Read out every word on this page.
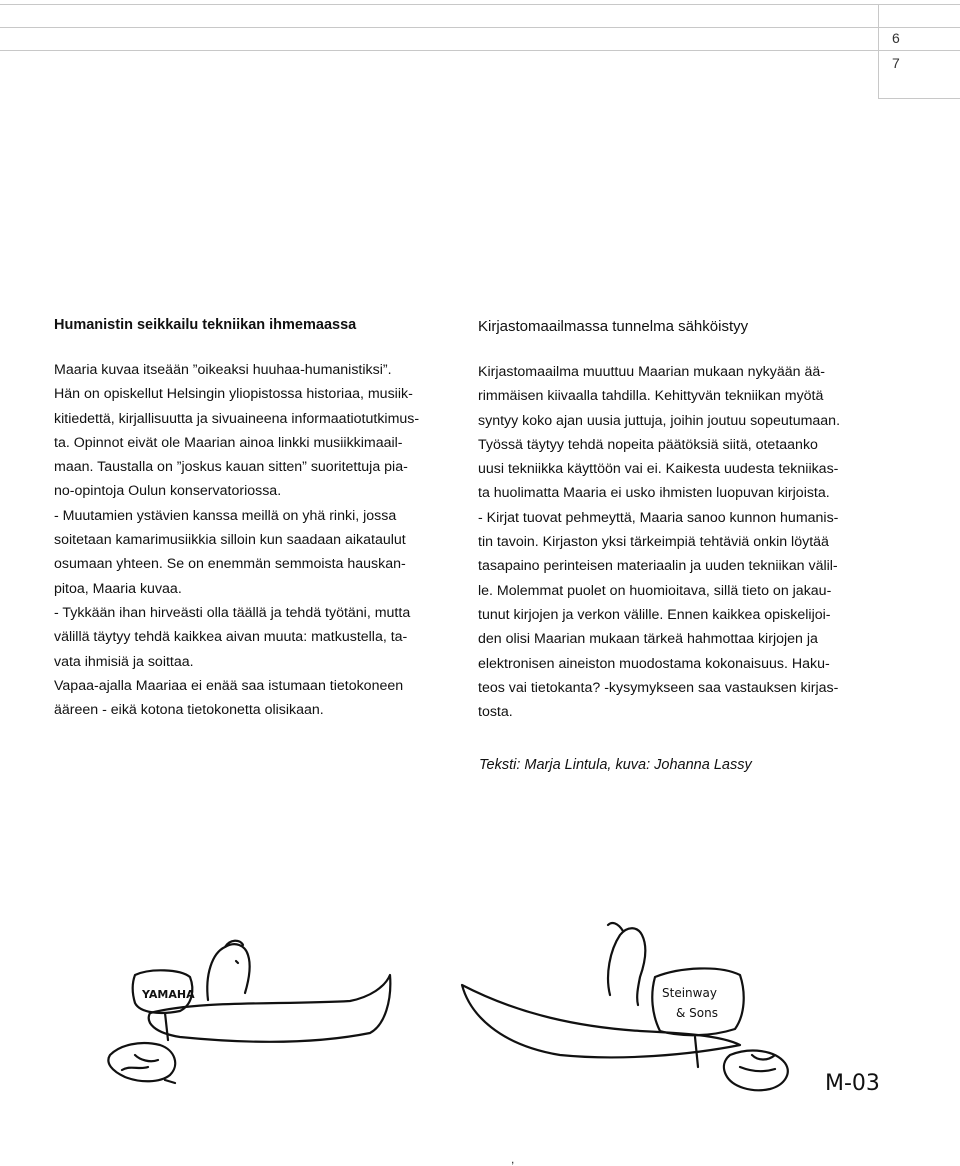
6
7
Humanistin seikkailu tekniikan ihmemaassa

Maaria kuvaa itseään ”oikeaksi huuhaa-humanistiksi”.

Hän on opiskellut Helsingin yliopistossa historiaa, musiik-

kitiedettä, kirjallisuutta ja sivuaineena informaatiotutkimus-

ta. Opinnot eivät ole Maarian ainoa linkki musiikkimaail-

maan. Taustalla on ”joskus kauan sitten” suoritettuja pia-

no-opintoja Oulun konservatoriossa.

- Muutamien ystävien kanssa meillä on yhä rinki, jossa

soitetaan kamarimusiikkia silloin kun saadaan aikataulut

osumaan yhteen. Se on enemmän semmoista hauskan-

pitoa, Maaria kuvaa.

- Tykkään ihan hirveästi olla täällä ja tehdä työtäni, mutta

välillä täytyy tehdä kaikkea aivan muuta: matkustella, ta-

vata ihmisiä ja soittaa.

Vapaa-ajalla Maariaa ei enää saa istumaan tietokoneen

ääreen - eikä kotona tietokonetta olisikaan.

Kirjastomaailmassa tunnelma sähköistyy

Kirjastomaailma muuttuu Maarian mukaan nykyään ää-

rimmäisen kiivaalla tahdilla. Kehittyvän tekniikan myötä

syntyy koko ajan uusia juttuja, joihin joutuu sopeutumaan.

Työssä täytyy tehdä nopeita päätöksiä siitä, otetaanko

uusi tekniikka käyttöön vai ei. Kaikesta uudesta tekniikas-

ta huolimatta Maaria ei usko ihmisten luopuvan kirjoista.

- Kirjat tuovat pehmeyttä, Maaria sanoo kunnon humanis-

tin tavoin. Kirjaston yksi tärkeimpiä tehtäviä onkin löytää

tasapaino perinteisen materiaalin ja uuden tekniikan välil-

le. Molemmat puolet on huomioitava, sillä tieto on jakau-

tunut kirjojen ja verkon välille. Ennen kaikkea opiskelijoi-

den olisi Maarian mukaan tärkeä hahmottaa kirjojen ja

elektronisen aineiston muodostama kokonaisuus. Haku-

teos vai tietokanta? -kysymykseen saa vastauksen kirjas-

tosta.

Teksti: Marja Lintula, kuva: Johanna Lassy
YAMAHA	Steinway
& Sons
M-03
,
